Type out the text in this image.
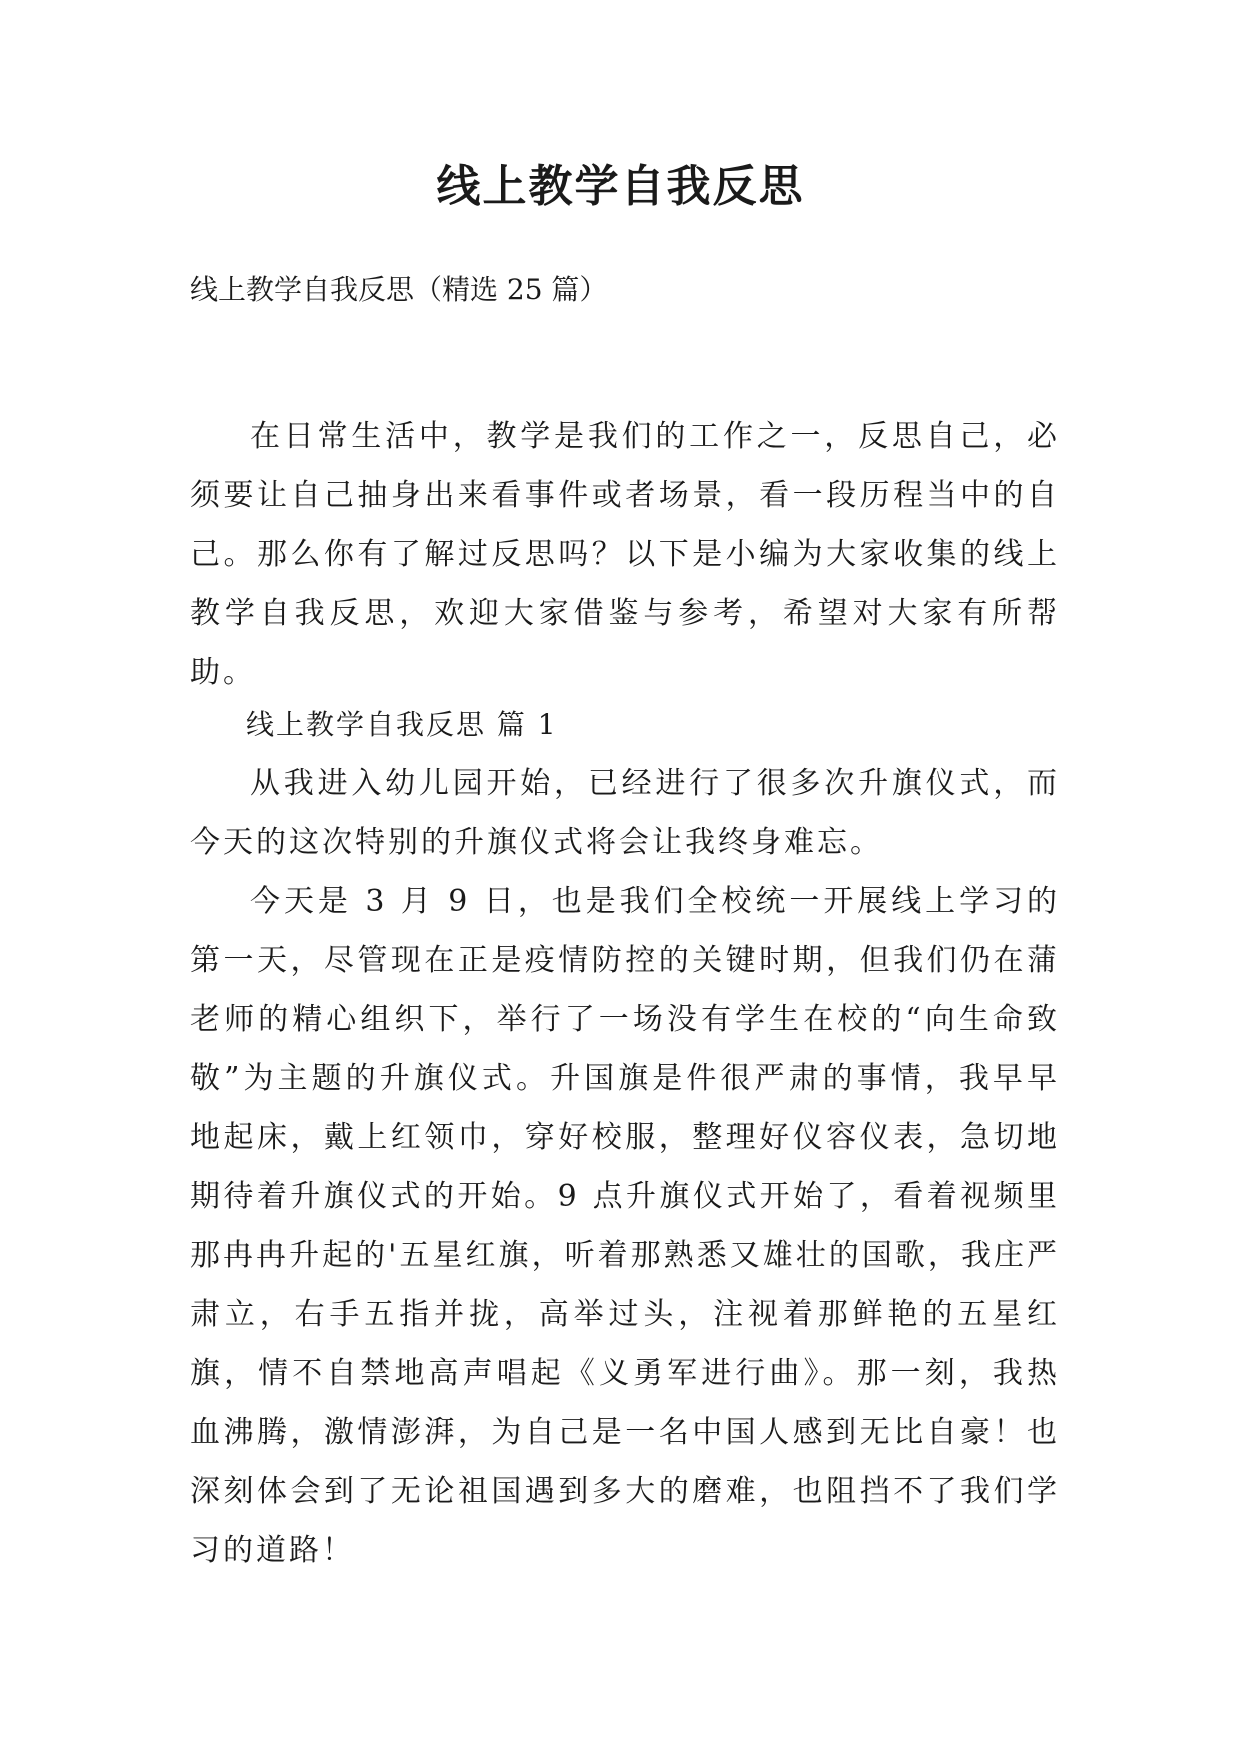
线上教学自我反思

线上教学自我反思（精选 25 篇）

在日常生活中，教学是我们的工作之一，反思自己，必须要让自己抽身出来看事件或者场景，看一段历程当中的自己。那么你有了解过反思吗？以下是小编为大家收集的线上教学自我反思，欢迎大家借鉴与参考，希望对大家有所帮助。

线上教学自我反思 篇 1

从我进入幼儿园开始，已经进行了很多次升旗仪式，而今天的这次特别的升旗仪式将会让我终身难忘。

今天是 3 月 9 日，也是我们全校统一开展线上学习的第一天，尽管现在正是疫情防控的关键时期，但我们仍在蒲老师的精心组织下，举行了一场没有学生在校的“向生命致敬”为主题的升旗仪式。升国旗是件很严肃的事情，我早早地起床，戴上红领巾，穿好校服，整理好仪容仪表，急切地期待着升旗仪式的开始。9 点升旗仪式开始了，看着视频里那冉冉升起的'五星红旗，听着那熟悉又雄壮的国歌，我庄严肃立，右手五指并拢，高举过头，注视着那鲜艳的五星红旗，情不自禁地高声唱起《义勇军进行曲》。那一刻，我热血沸腾，激情澎湃，为自己是一名中国人感到无比自豪！也深刻体会到了无论祖国遇到多大的磨难，也阻挡不了我们学习的道路！
